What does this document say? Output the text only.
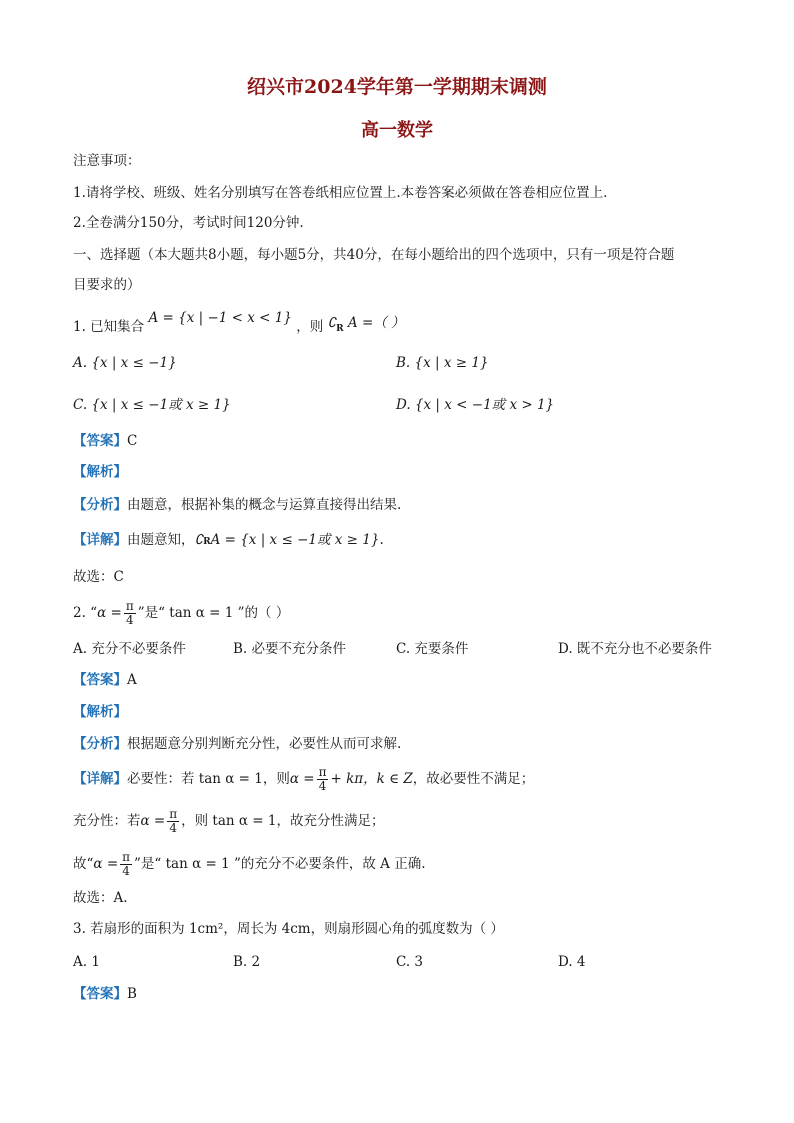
绍兴市2024学年第一学期期末调测
高一数学
注意事项：
1.请将学校、班级、姓名分别填写在答卷纸相应位置上.本卷答案必须做在答卷相应位置上.
2.全卷满分150分，考试时间120分钟.
一、选择题（本大题共8小题，每小题5分，共40分，在每小题给出的四个选项中，只有一项是符合题
目要求的）
1. 已知集合 A = {x | −1 < x < 1} ，则 ∁R A =（ ）
A. {x | x ≤ −1}	B. {x | x ≥ 1}
C. {x | x ≤ −1或 x ≥ 1}	D. {x | x < −1或 x > 1}
【答案】C
【解析】
【分析】由题意，根据补集的概念与运算直接得出结果.
【详解】由题意知，∁RA = {x | x ≤ −1或 x ≥ 1}.
故选：C
2. “$\alpha = \frac{\pi}{4}$ ”是“ tan α = 1 ”的（ ）
A. 充分不必要条件	B. 必要不充分条件	C. 充要条件	D. 既不充分也不必要条件
【答案】A
【解析】
【分析】根据题意分别判断充分性，必要性从而可求解.
【详解】必要性：若 tan α = 1，则$\alpha = \frac{\pi}{4} + k\pi$，k ∈ Z，故必要性不满足；
充分性：若$\alpha = \frac{\pi}{4}$ ，则 tan α = 1，故充分性满足；
故“$\alpha = \frac{\pi}{4}$ ”是“ tan α = 1 ”的充分不必要条件，故 A 正确.
故选：A.
3. 若扇形的面积为 1cm²，周长为 4cm，则扇形圆心角的弧度数为（ ）
A. 1	B. 2	C. 3	D. 4
【答案】B
